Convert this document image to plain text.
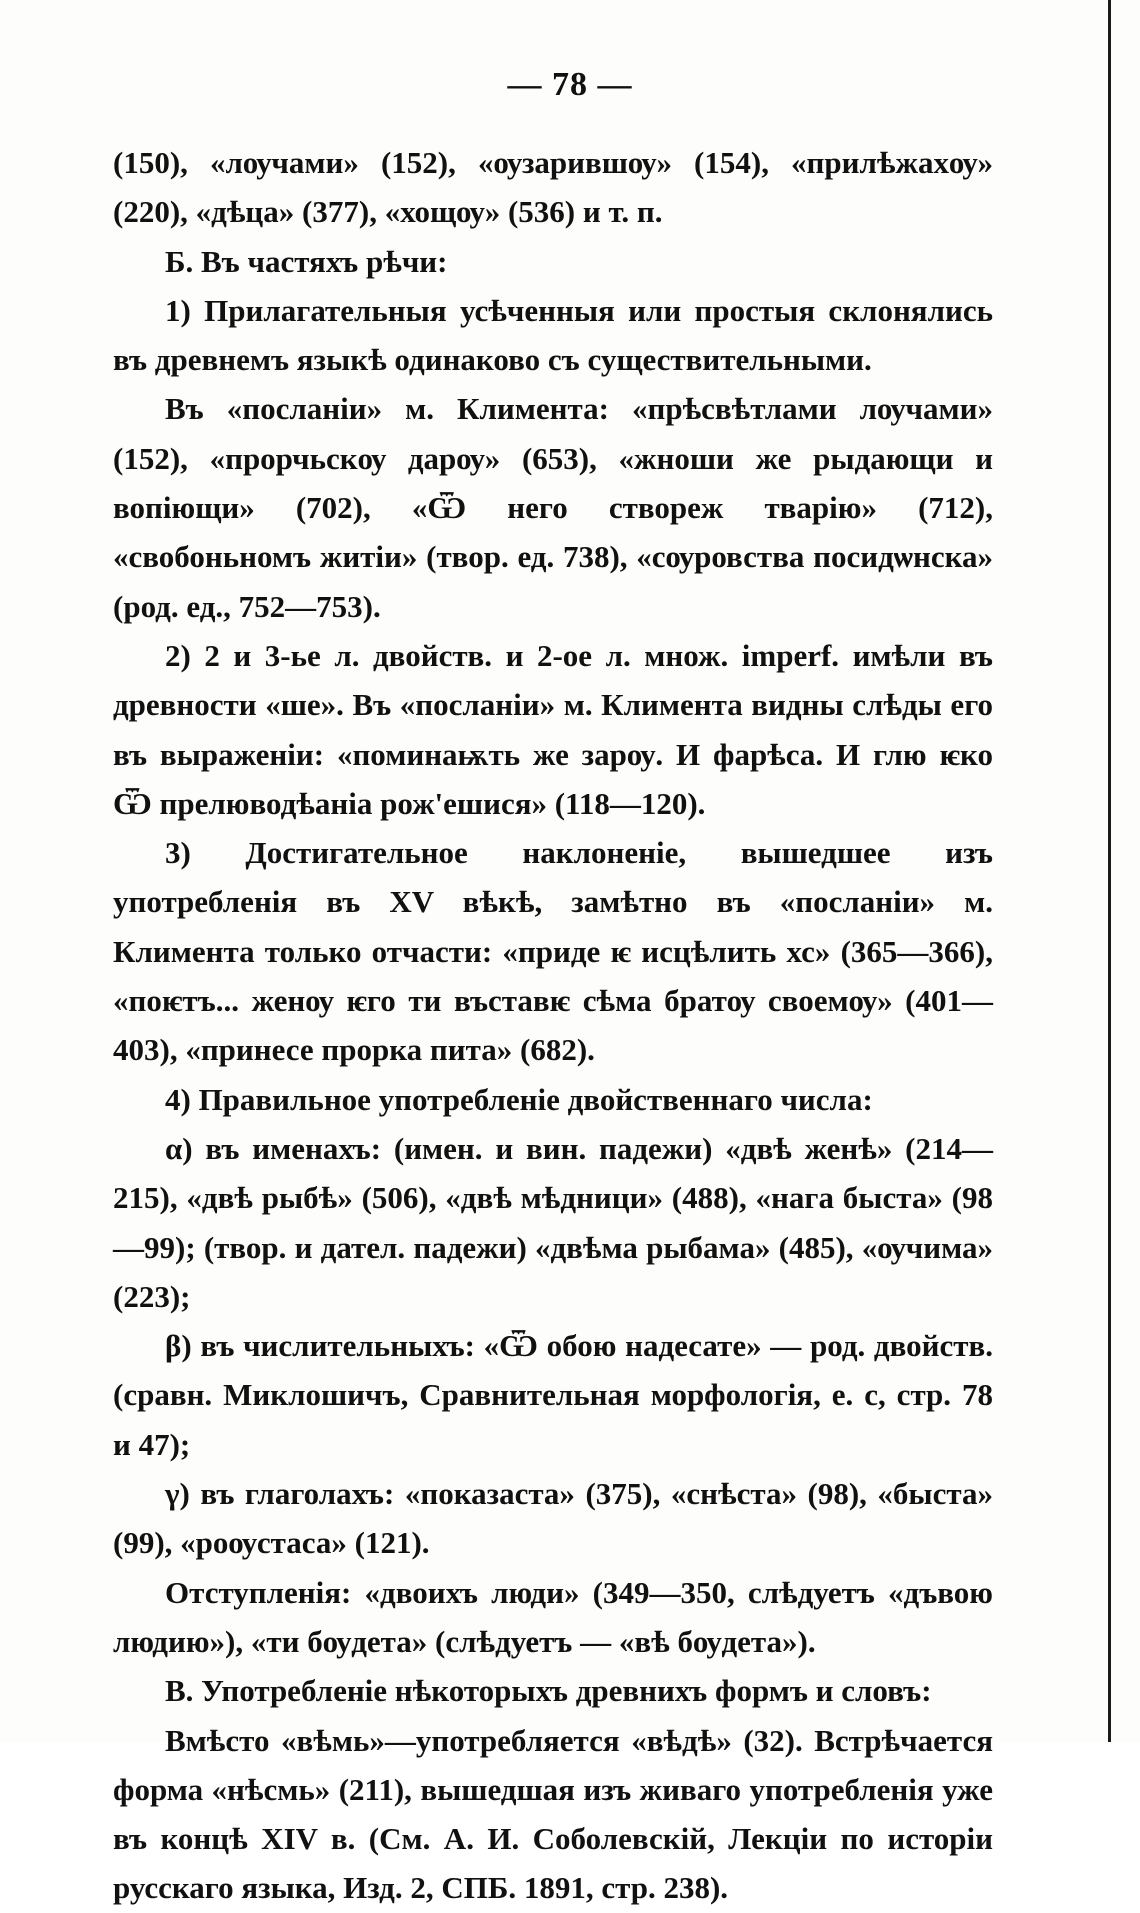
— 78 —

(150), «лѹчами» (152), «ѹзарившѹ» (154), «прилѣжахѹ» (220), «дѣца» (377), «хощѹ» (536) и т. п.

Б. Въ частяхъ рѣчи:

1) Прилагательныя усѣченныя или простыя склонялись въ древнемъ языкѣ одинаково съ существительными.

Въ «посланіи» м. Климента: «прѣсвѣтлами лѹчами» (152), «прорчьскѹ дарѹ» (653), «жноши же рыдающи и вопіющи» (702), «Ѿ него створеж тварію» (712), «свобоньномъ житіи» (твор. ед. 738), «сѹровства посидѡнска» (род. ед., 752—753).

2) 2 и 3-ье л. двойств. и 2-ое л. множ. imperf. имѣли въ древности «ше». Въ «посланіи» м. Климента видны слѣды его въ выраженіи: «поминаѭть же зарѹ. И фарѣса. И глю ѥко Ѿ прелюводѣаніа рож'ешися» (118—120).

3) Достигательное наклоненіе, вышедшее изъ употребленія въ XV вѣкѣ, замѣтно въ «посланіи» м. Климента только отчасти: «приде ѥ исцѣлить хс» (365—366), «поѥтъ... женѹ ѥго ти въставѥ сѣма братѹ своемѹ» (401—403), «принесе прорка пита» (682).

4) Правильное употребленіе двойственнаго числа:

α) въ именахъ: (имен. и вин. падежи) «двѣ женѣ» (214—215), «двѣ рыбѣ» (506), «двѣ мѣдници» (488), «нага быста» (98—99); (твор. и дател. падежи) «двѣма рыбама» (485), «ѹчима» (223);

β) въ числительныхъ: «Ѿ обою надесате» — род. двойств. (сравн. Миклошичъ, Сравнительная морфологія, е. с, стр. 78 и 47);

γ) въ глаголахъ: «показаста» (375), «снѣста» (98), «быста» (99), «роѹстаса» (121).

Отступленія: «двоихъ люди» (349—350, слѣдуетъ «дъвою людию»), «ти бѹдета» (слѣдуетъ — «вѣ бѹдета»).

В. Употребленіе нѣкоторыхъ древнихъ формъ и словъ:

Вмѣсто «вѣмь»—употребляется «вѣдѣ» (32). Встрѣчается форма «нѣсмь» (211), вышедшая изъ живаго употребленія уже въ концѣ XIV в. (См. А. И. Соболевскій, Лекціи по исторіи русскаго языка, Изд. 2, СПБ. 1891, стр. 238).
